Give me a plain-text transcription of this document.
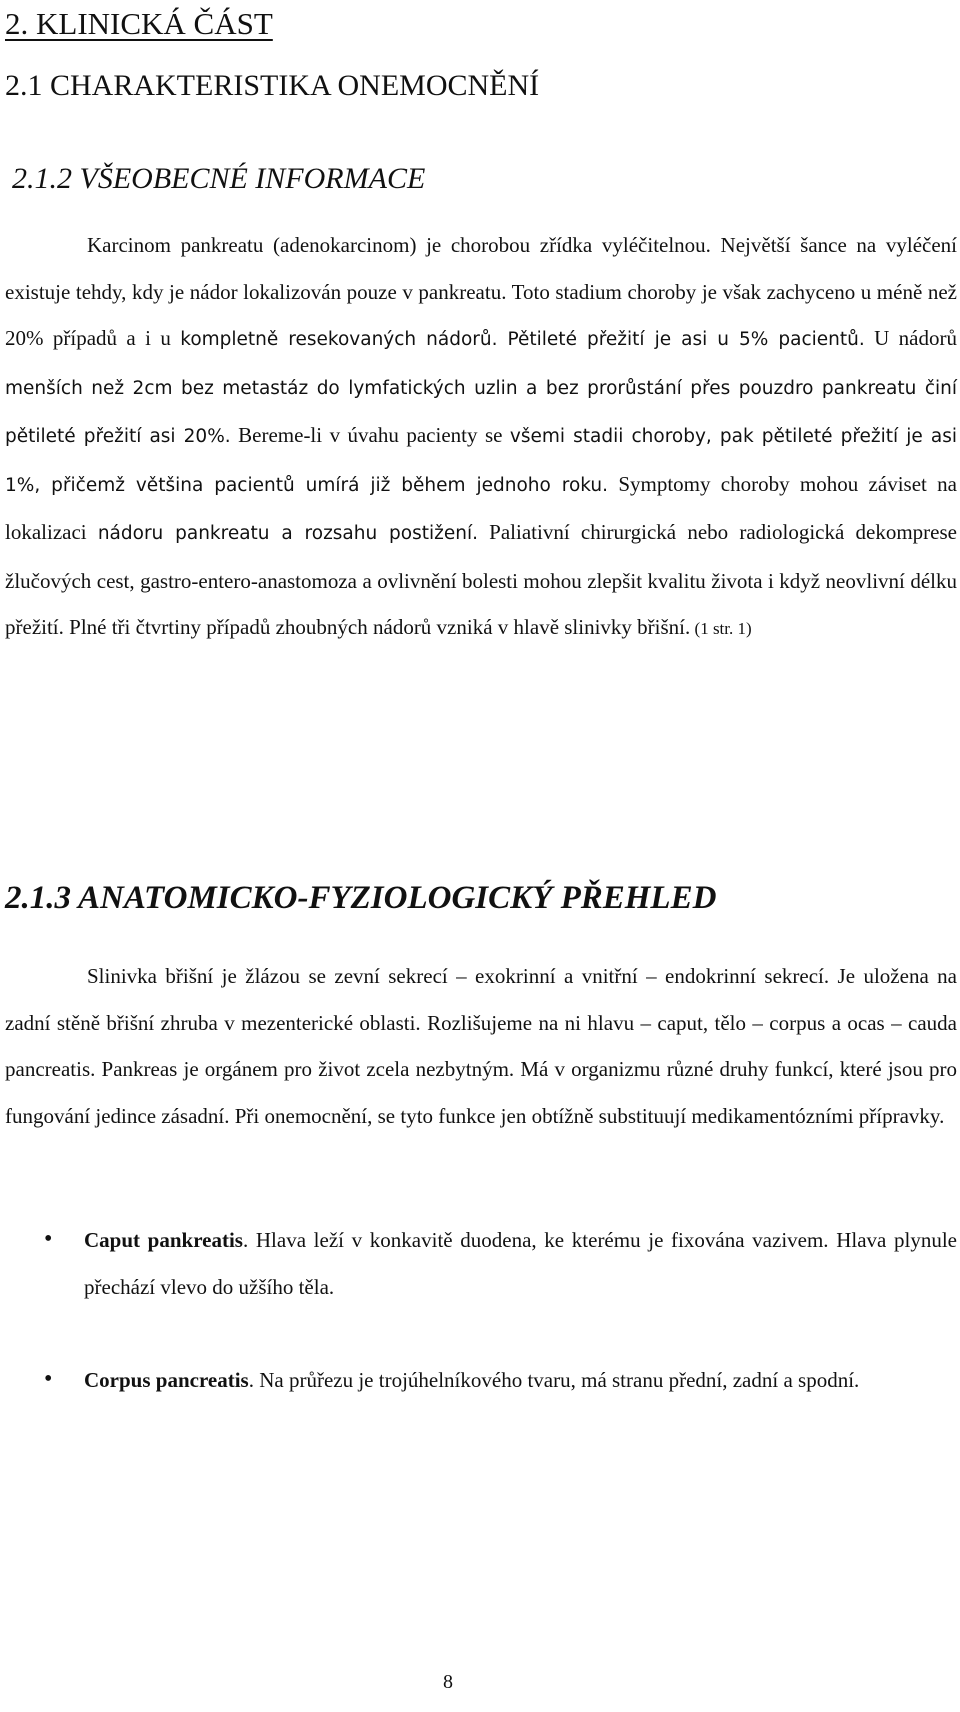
2. KLINICKÁ ČÁST
2.1 CHARAKTERISTIKA ONEMOCNĚNÍ
2.1.2 VŠEOBECNÉ INFORMACE

Karcinom pankreatu (adenokarcinom) je chorobou zřídka vyléčitelnou. Největší šance na vyléčení existuje tehdy, kdy je nádor lokalizován pouze v pankreatu. Toto stadium choroby je však zachyceno u méně než 20% případů a i u kompletně resekovaných nádorů. Pětileté přežití je asi u 5% pacientů. U nádorů menších než 2cm bez metastáz do lymfatických uzlin a bez prorůstání přes pouzdro pankreatu činí pětileté přežití asi 20%. Bereme-li v úvahu pacienty se všemi stadii choroby, pak pětileté přežití je asi 1%, přičemž většina pacientů umírá již během jednoho roku. Symptomy choroby mohou záviset na lokalizaci nádoru pankreatu a rozsahu postižení. Paliativní chirurgická nebo radiologická dekomprese žlučových cest, gastro-entero-anastomoza a ovlivnění bolesti mohou zlepšit kvalitu života i když neovlivní délku přežití. Plné tři čtvrtiny případů zhoubných nádorů vzniká v hlavě slinivky břišní. (1 str. 1)

2.1.3 ANATOMICKO-FYZIOLOGICKÝ PŘEHLED

Slinivka břišní je žlázou se zevní sekrecí – exokrinní a vnitřní – endokrinní sekrecí. Je uložena na zadní stěně břišní zhruba v mezenterické oblasti. Rozlišujeme na ni hlavu – caput, tělo – corpus a ocas – cauda pancreatis. Pankreas je orgánem pro život zcela nezbytným. Má v organizmu různé druhy funkcí, které jsou pro fungování jedince zásadní. Při onemocnění, se tyto funkce jen obtížně substituují medikamentózními přípravky.

• Caput pankreatis. Hlava leží v konkavitě duodena, ke kterému je fixována vazivem. Hlava plynule přechází vlevo do užšího těla.

• Corpus pancreatis. Na průřezu je trojúhelníkového tvaru, má stranu přední, zadní a spodní.

8
